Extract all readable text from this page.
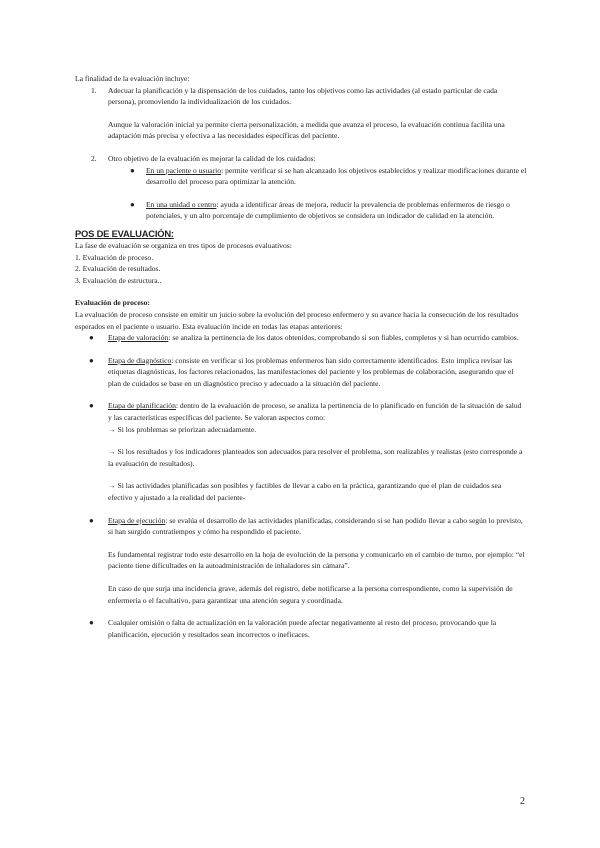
La finalidad de la evaluación incluye:

1. Adecuar la planificación y la dispensación de los cuidados, tanto los objetivos como las actividades (al estado particular de cada persona), promoviendo la individualización de los cuidados.

Aunque la valoración inicial ya permite cierta personalización, a medida que avanza el proceso, la evaluación continua facilita una adaptación más precisa y efectiva a las necesidades específicas del paciente.

2. Otro objetivo de la evaluación es mejorar la calidad de los cuidados:

● En un paciente o usuario: permite verificar si se han alcanzado los objetivos establecidos y realizar modificaciones durante el desarrollo del proceso para optimizar la atención.
● En una unidad o centro: ayuda a identificar áreas de mejora, reducir la prevalencia de problemas enfermeros de riesgo o potenciales, y un alto porcentaje de cumplimiento de objetivos se considera un indicador de calidad en la atención.
POS DE EVALUACIÓN:

La fase de evaluación se organiza en tres tipos de procesos evaluativos:

1. Evaluación de proceso.

2. Evaluación de resultados.

3. Evaluación de estructura..

Evaluación de proceso:

La evaluación de proceso consiste en emitir un juicio sobre la evolución del proceso enfermero y su avance hacia la consecución de los resultados esperados en el paciente o usuario. Esta evaluación incide en todas las etapas anteriores:

● Etapa de valoración: se analiza la pertinencia de los datos obtenidos, comprobando si son fiables, completos y si han ocurrido cambios.
● Etapa de diagnóstico: consiste en verificar si los problemas enfermeros han sido correctamente identificados. Esto implica revisar las etiquetas diagnósticas, los factores relacionados, las manifestaciones del paciente y los problemas de colaboración, asegurando que el plan de cuidados se base en un diagnóstico preciso y adecuado a la situación del paciente.
● Etapa de planificación: dentro de la evaluación de proceso, se analiza la pertinencia de lo planificado en función de la situación de salud y las características específicas del paciente. Se valoran aspectos como:

→ Si los problemas se priorizan adecuadamente.

→ Si los resultados y los indicadores planteados son adecuados para resolver el problema, son realizables y realistas (esto corresponde a la evaluación de resultados).

→ Si las actividades planificadas son posibles y factibles de llevar a cabo en la práctica, garantizando que el plan de cuidados sea efectivo y ajustado a la realidad del paciente-

● Etapa de ejecución: se evalúa el desarrollo de las actividades planificadas, considerando si se han podido llevar a cabo según lo previsto, si han surgido contratiempos y cómo ha respondido el paciente.

Es fundamental registrar todo este desarrollo en la hoja de evolución de la persona y comunicarlo en el cambio de turno, por ejemplo: “el paciente tiene dificultades en la autoadministración de inhaladores sin cámara”.

En caso de que surja una incidencia grave, además del registro, debe notificarse a la persona correspondiente, como la supervisión de enfermería o el facultativo, para garantizar una atención segura y coordinada.

● Cualquier omisión o falta de actualización en la valoración puede afectar negativamente al resto del proceso, provocando que la planificación, ejecución y resultados sean incorrectos o ineficaces.
2
